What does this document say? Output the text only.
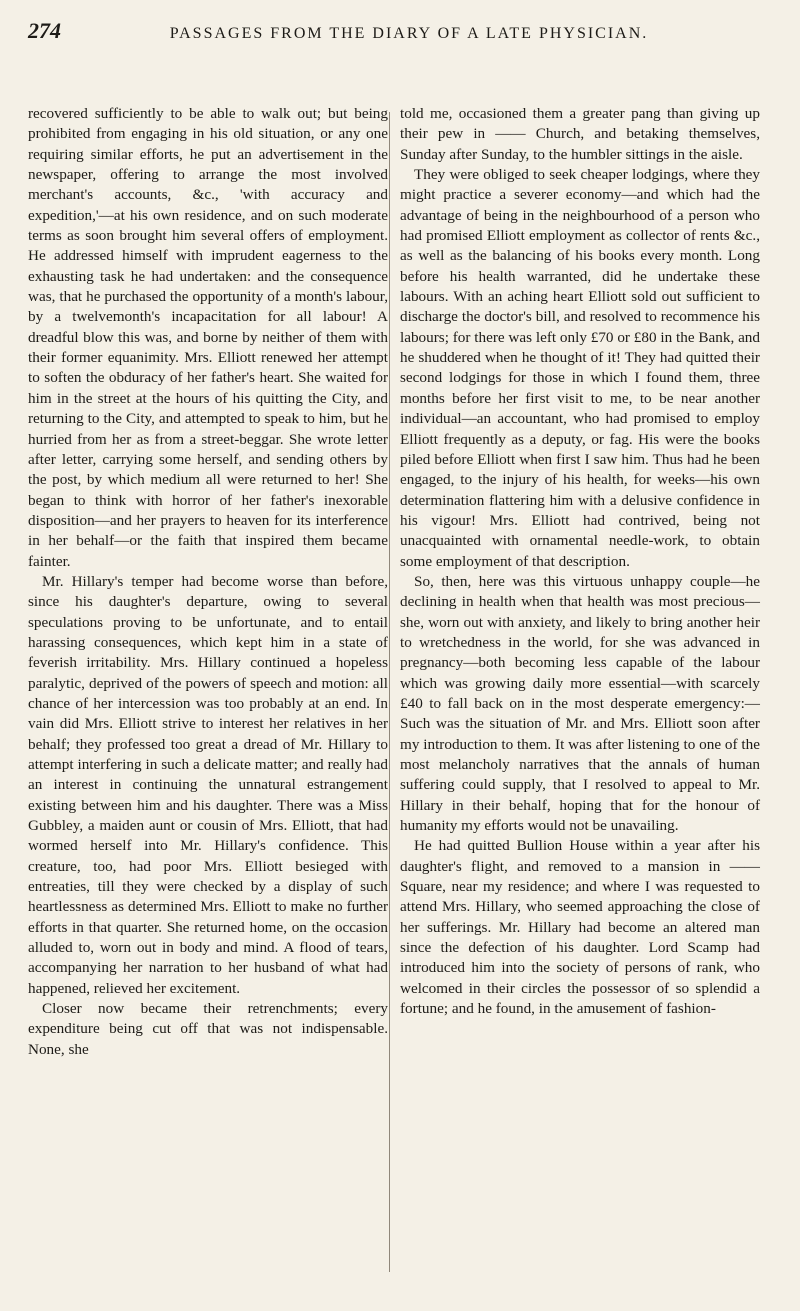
274	PASSAGES FROM THE DIARY OF A LATE PHYSICIAN.

recovered sufficiently to be able to walk out; but being prohibited from engaging in his old situation, or any one requiring similar efforts, he put an advertisement in the newspaper, offering to arrange the most involved merchant's accounts, &c., 'with accuracy and expedition,'—at his own residence, and on such moderate terms as soon brought him several offers of employment. He addressed himself with imprudent eagerness to the exhausting task he had undertaken: and the consequence was, that he purchased the opportunity of a month's labour, by a twelvemonth's incapacitation for all labour! A dreadful blow this was, and borne by neither of them with their former equanimity. Mrs. Elliott renewed her attempt to soften the obduracy of her father's heart. She waited for him in the street at the hours of his quitting the City, and returning to the City, and attempted to speak to him, but he hurried from her as from a street-beggar. She wrote letter after letter, carrying some herself, and sending others by the post, by which medium all were returned to her! She began to think with horror of her father's inexorable disposition—and her prayers to heaven for its interference in her behalf—or the faith that inspired them became fainter.

Mr. Hillary's temper had become worse than before, since his daughter's departure, owing to several speculations proving to be unfortunate, and to entail harassing consequences, which kept him in a state of feverish irritability. Mrs. Hillary continued a hopeless paralytic, deprived of the powers of speech and motion: all chance of her intercession was too probably at an end. In vain did Mrs. Elliott strive to interest her relatives in her behalf; they professed too great a dread of Mr. Hillary to attempt interfering in such a delicate matter; and really had an interest in continuing the unnatural estrangement existing between him and his daughter. There was a Miss Gubbley, a maiden aunt or cousin of Mrs. Elliott, that had wormed herself into Mr. Hillary's confidence. This creature, too, had poor Mrs. Elliott besieged with entreaties, till they were checked by a display of such heartlessness as determined Mrs. Elliott to make no further efforts in that quarter. She returned home, on the occasion alluded to, worn out in body and mind. A flood of tears, accompanying her narration to her husband of what had happened, relieved her excitement.

Closer now became their retrenchments; every expenditure being cut off that was not indispensable. None, she

told me, occasioned them a greater pang than giving up their pew in —— Church, and betaking themselves, Sunday after Sunday, to the humbler sittings in the aisle.

They were obliged to seek cheaper lodgings, where they might practice a severer economy—and which had the advantage of being in the neighbourhood of a person who had promised Elliott employment as collector of rents &c., as well as the balancing of his books every month. Long before his health warranted, did he undertake these labours. With an aching heart Elliott sold out sufficient to discharge the doctor's bill, and resolved to recommence his labours; for there was left only £70 or £80 in the Bank, and he shuddered when he thought of it! They had quitted their second lodgings for those in which I found them, three months before her first visit to me, to be near another individual—an accountant, who had promised to employ Elliott frequently as a deputy, or fag. His were the books piled before Elliott when first I saw him. Thus had he been engaged, to the injury of his health, for weeks—his own determination flattering him with a delusive confidence in his vigour! Mrs. Elliott had contrived, being not unacquainted with ornamental needle-work, to obtain some employment of that description.

So, then, here was this virtuous unhappy couple—he declining in health when that health was most precious—she, worn out with anxiety, and likely to bring another heir to wretchedness in the world, for she was advanced in pregnancy—both becoming less capable of the labour which was growing daily more essential—with scarcely £40 to fall back on in the most desperate emergency:—Such was the situation of Mr. and Mrs. Elliott soon after my introduction to them. It was after listening to one of the most melancholy narratives that the annals of human suffering could supply, that I resolved to appeal to Mr. Hillary in their behalf, hoping that for the honour of humanity my efforts would not be unavailing.

He had quitted Bullion House within a year after his daughter's flight, and removed to a mansion in —— Square, near my residence; and where I was requested to attend Mrs. Hillary, who seemed approaching the close of her sufferings. Mr. Hillary had become an altered man since the defection of his daughter. Lord Scamp had introduced him into the society of persons of rank, who welcomed in their circles the possessor of so splendid a fortune; and he found, in the amusement of fashion-
